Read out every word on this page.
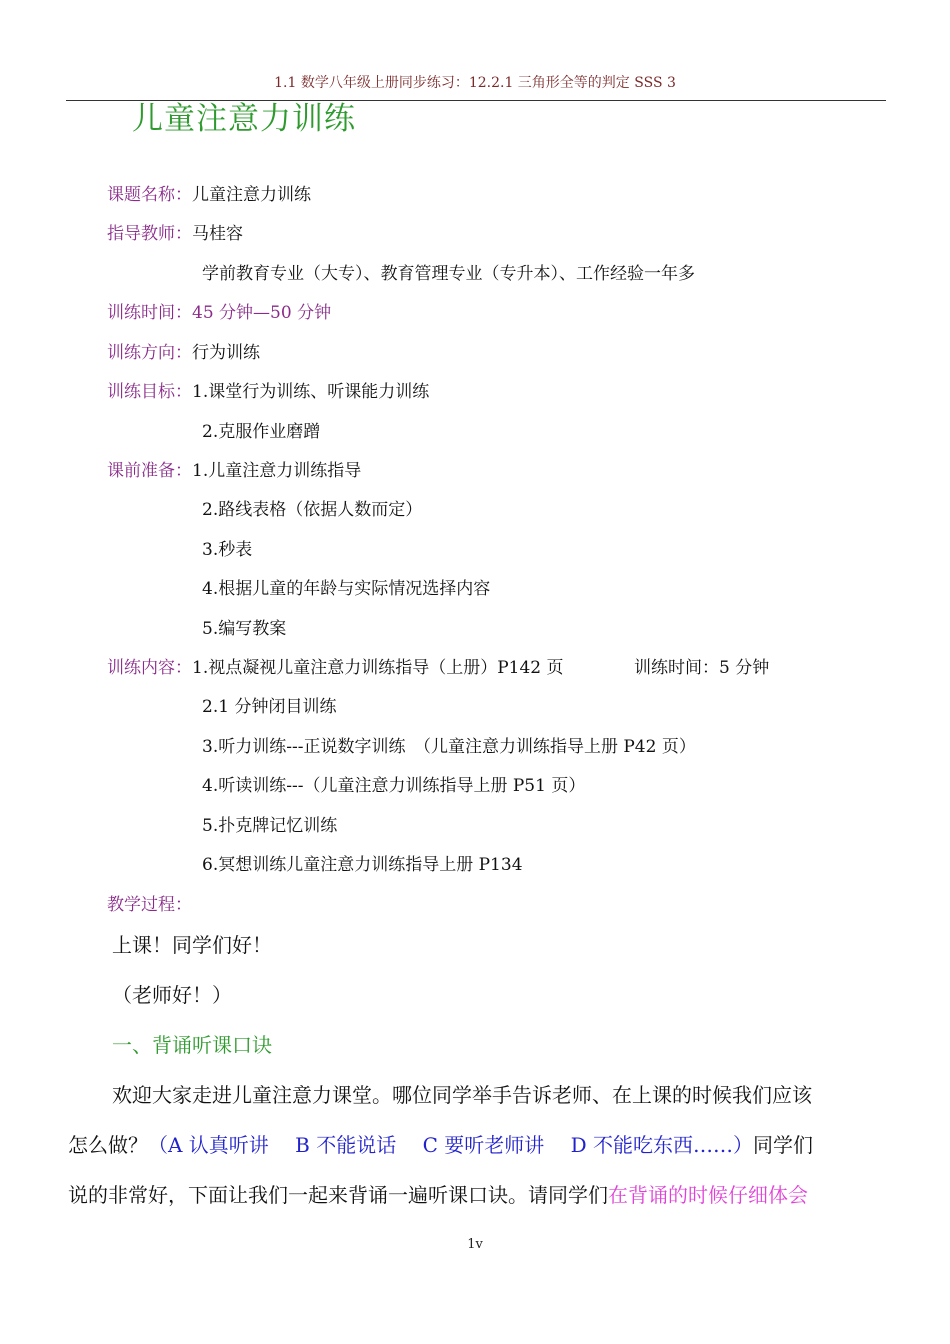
1.1 数学八年级上册同步练习：12.2.1 三角形全等的判定 SSS 3
儿童注意力训练
课题名称：儿童注意力训练
指导教师：马桂容
学前教育专业（大专）、教育管理专业（专升本）、工作经验一年多
训练时间：45 分钟—50 分钟
训练方向：行为训练
训练目标：1.课堂行为训练、听课能力训练
2.克服作业磨蹭
课前准备：1.儿童注意力训练指导
2.路线表格（依据人数而定）
3.秒表
4.根据儿童的年龄与实际情况选择内容
5.编写教案
训练内容：1.视点凝视儿童注意力训练指导（上册）P142 页	训练时间：5 分钟
2.1 分钟闭目训练
3.听力训练---正说数字训练　（儿童注意力训练指导上册 P42 页）
4.听读训练---（儿童注意力训练指导上册 P51 页）
5.扑克牌记忆训练
6.冥想训练儿童注意力训练指导上册 P134
教学过程：
上课！同学们好！
（老师好！）
一、背诵听课口诀
欢迎大家走进儿童注意力课堂。哪位同学举手告诉老师、在上课的时候我们应该
怎么做？（A 认真听讲　 B 不能说话　 C 要听老师讲　 D 不能吃东西……）同学们
说的非常好，下面让我们一起来背诵一遍听课口诀。请同学们在背诵的时候仔细体会
1v
